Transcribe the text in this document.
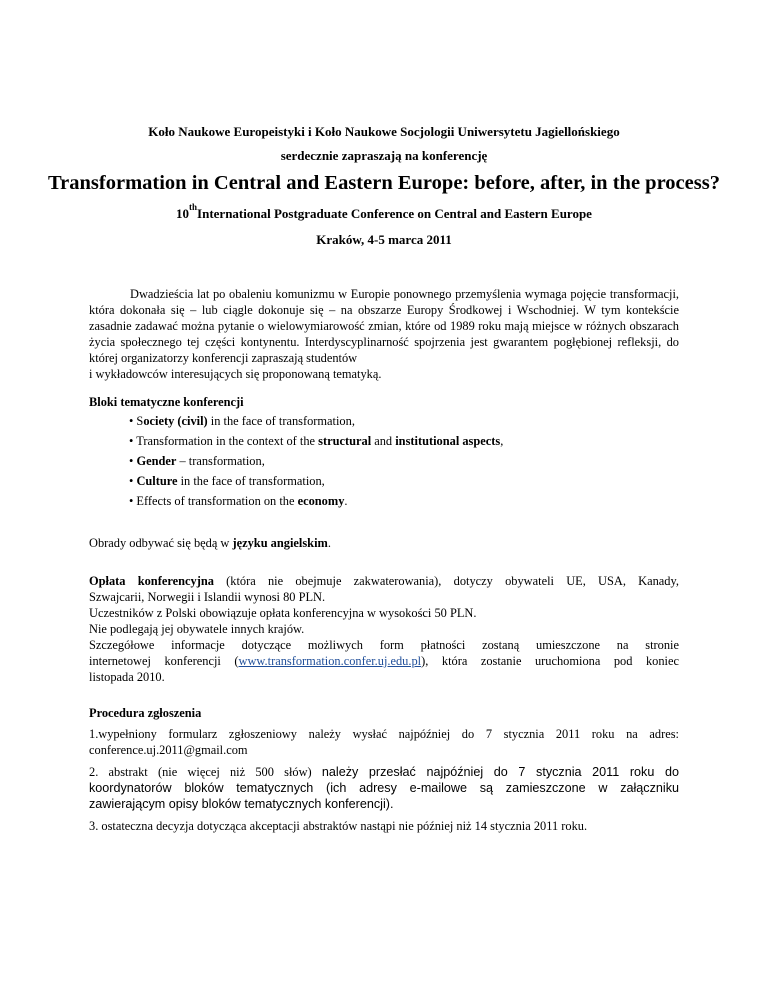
Koło Naukowe Europeistyki i Koło Naukowe Socjologii Uniwersytetu Jagiellońskiego
serdecznie zapraszają na konferencję
Transformation in Central and Eastern Europe: before, after, in the process?
10thInternational Postgraduate Conference on Central and Eastern Europe
Kraków, 4-5 marca 2011

Dwadzieścia lat po obaleniu komunizmu w Europie ponownego przemyślenia wymaga pojęcie transformacji, która dokonała się – lub ciągle dokonuje się – na obszarze Europy Środkowej i Wschodniej. W tym kontekście zasadnie zadawać można pytanie o wielowymiarowość zmian, które od 1989 roku mają miejsce w różnych obszarach życia społecznego tej części kontynentu. Interdyscyplinarność spojrzenia jest gwarantem pogłębionej refleksji, do której organizatorzy konferencji zapraszają studentów
i wykładowców interesujących się proponowaną tematyką.

Bloki tematyczne konferencji
• Society (civil) in the face of transformation,
• Transformation in the context of the structural and institutional aspects,
• Gender – transformation,
• Culture in the face of transformation,
• Effects of transformation on the economy.
Obrady odbywać się będą w języku angielskim.

Opłata konferencyjna (która nie obejmuje zakwaterowania), dotyczy obywateli UE, USA, Kanady,

Szwajcarii, Norwegii i Islandii wynosi 80 PLN.

Uczestników z Polski obowiązuje opłata konferencyjna w wysokości 50 PLN.

Nie podlegają jej obywatele innych krajów.

Szczegółowe informacje dotyczące możliwych form płatności zostaną umieszczone na stronie

internetowej konferencji (www.transformation.confer.uj.edu.pl), która zostanie uruchomiona pod koniec

listopada 2010.

Procedura zgłoszenia

1.wypełniony formularz zgłoszeniowy należy wysłać najpóźniej do 7 stycznia 2011 roku na adres:
conference.uj.2011@gmail.com

2. abstrakt (nie więcej niż 500 słów) należy przesłać najpóźniej do 7 stycznia 2011 roku do
koordynatorów bloków tematycznych (ich adresy e-mailowe są zamieszczone w załączniku
zawierającym opisy bloków tematycznych konferencji).

3. ostateczna decyzja dotycząca akceptacji abstraktów nastąpi nie później niż 14 stycznia 2011 roku.
